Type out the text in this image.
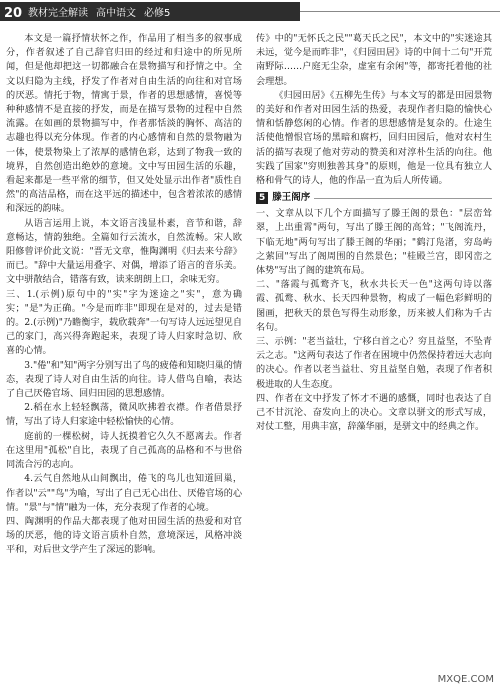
20 教材完全解读 高中语文 必修5

本文是一篇抒情状怀之作，作品用了相当多的叙事成分，作者叙述了自己辞官归田的经过和归途中的所见所闻，但是他却把这一切都融合在景物描写和抒情之中。全文以归隐为主线，抒发了作者对自由生活的向往和对官场的厌恶。情托于物，情寓于景，作者的思想感情，喜悦等种种感情不是直接的抒发，而是在描写景物的过程中自然流露。在如画的景物描写中，作者那恬淡的胸怀、高洁的志趣也得以充分体现。作者的内心感情和自然的景物融为一体，使景物染上了浓厚的感情色彩，达到了物我一致的境界，自然创造出绝妙的意境。文中写田园生活的乐趣，看起来都是一些平常的细节，但又处处显示出作者"质性自然"的高洁品格，而在这平远的描述中，包含着浓浓的感情和深远的韵味。

从语言运用上说，本文语言浅显朴素，音节和谐，辞意畅达，情韵独绝。全篇如行云流水，自然流畅。宋人欧阳修曾评价此文说："晋无文章，惟陶渊明《归去来兮辞》而已。"辞中大量运用叠字、对偶，增添了语言的音乐美。文中骈散结合，错落有致，读来朗朗上口，余味无穷。

三、1.(示例)原句中的"实"字为迷途之"实"，意为确实；"是"为正确。"今是而昨非"即现在是对的，过去是错的。2.(示例)"乃瞻衡宇，载欣载奔"一句写诗人远远望见自己的家门，高兴得奔跑起来，表现了诗人归家时急切、欣喜的心情。

3."倦"和"知"两字分别写出了鸟的疲倦和知晓归巢的情态，表现了诗人对自由生活的向往。诗人借鸟自喻，表达了自己厌倦官场、回归田园的思想感情。

2.稻在水上轻轻飘荡，微风吹拂着衣襟。作者借景抒情，写出了诗人归家途中轻松愉快的心情。

庭前的一棵松树，诗人抚摸着它久久不愿离去。作者在这里用"孤松"自比，表现了自己孤高的品格和不与世俗同流合污的志向。

4.云气自然地从山间飘出，倦飞的鸟儿也知道回巢，作者以"云""鸟"为喻，写出了自己无心出仕、厌倦官场的心情。"景"与"情"融为一体，充分表现了作者的心境。

四、陶渊明的作品大都表现了他对田园生活的热爱和对官场的厌恶，他的诗文语言质朴自然，意境深远，风格冲淡平和，对后世文学产生了深远的影响。

传》中的"无怀氏之民""葛天氏之民"，本文中的"实迷途其未远，觉今是而昨非"，《归园田居》诗的中间十二句"开荒南野际……户庭无尘杂，虚室有余闲"等，都寄托着他的社会理想。

《归园田居》《五柳先生传》与本文写的都是田园景物的美好和作者对田园生活的热爱，表现作者归隐的愉快心情和恬静悠闲的心情。作者的思想感情是复杂的。仕途生活使他憎恨官场的黑暗和腐朽，回归田园后，他对农村生活的描写表现了他对劳动的赞美和对淳朴生活的向往。他实践了国家"穷则独善其身"的原则，他是一位具有独立人格和骨气的诗人，他的作品一直为后人所传诵。

5 滕王阁序

一、文章从以下几个方面描写了滕王阁的景色："层峦耸翠，上出重霄"两句，写出了滕王阁的高耸；"飞阁流丹，下临无地"两句写出了滕王阁的华丽；"鹤汀凫渚，穷岛屿之萦回"写出了阁周围的自然景色；"桂殿兰宫，即冈峦之体势"写出了阁的建筑布局。

二、"落霞与孤鹜齐飞，秋水共长天一色"这两句诗以落霞、孤鹜、秋水、长天四种景物，构成了一幅色彩鲜明的图画，把秋天的景色写得生动形象，历来被人们称为千古名句。

三、示例："老当益壮，宁移白首之心？穷且益坚，不坠青云之志。"这两句表达了作者在困境中仍然保持着远大志向的决心。作者以老当益壮、穷且益坚自勉，表现了作者积极进取的人生态度。

四、作者在文中抒发了怀才不遇的感慨，同时也表达了自己不甘沉沦、奋发向上的决心。文章以骈文的形式写成，对仗工整，用典丰富，辞藻华丽，是骈文中的经典之作。

MXQE.COM
